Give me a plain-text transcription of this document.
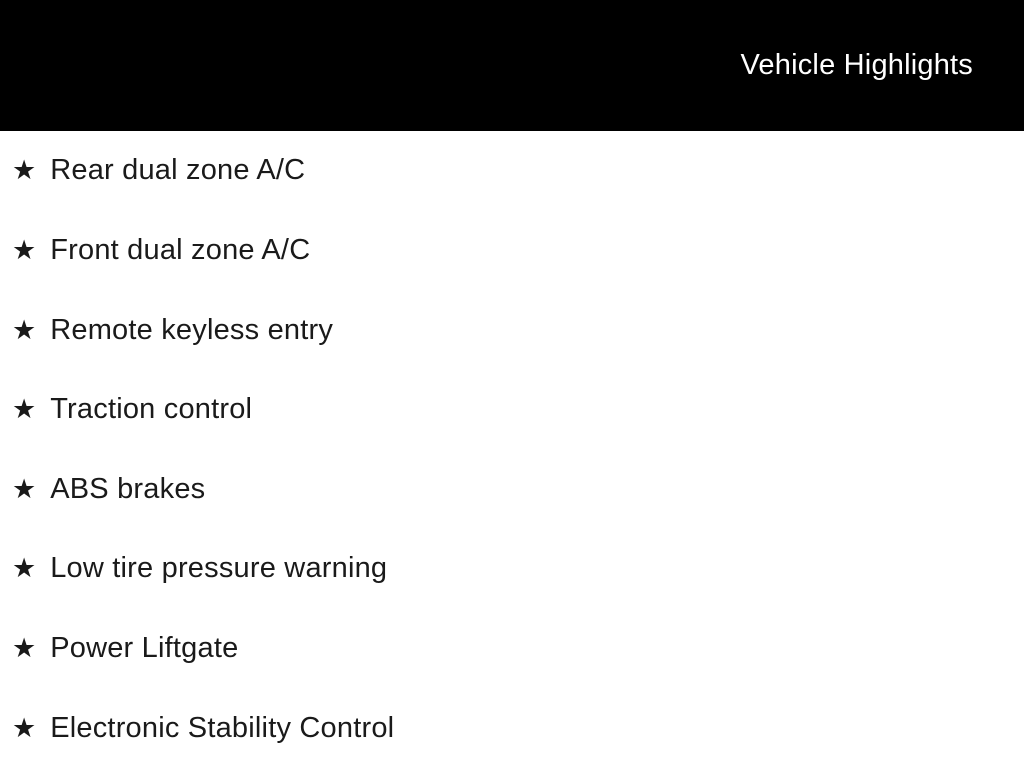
Vehicle Highlights
★ Rear dual zone A/C
★ Front dual zone A/C
★ Remote keyless entry
★ Traction control
★ ABS brakes
★ Low tire pressure warning
★ Power Liftgate
★ Electronic Stability Control
